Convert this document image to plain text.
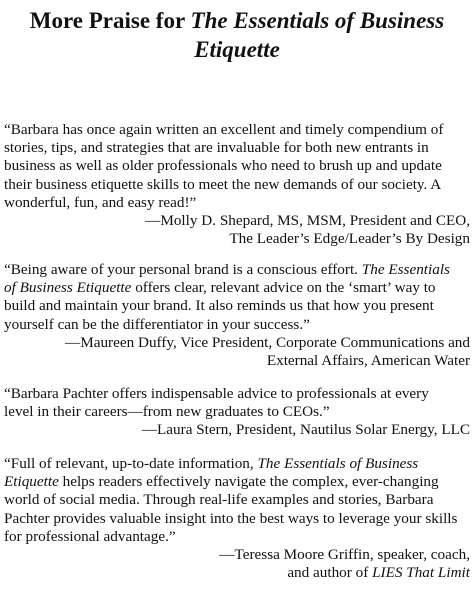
More Praise for The Essentials of Business
Etiquette
“Barbara has once again written an excellent and timely compendium of
stories, tips, and strategies that are invaluable for both new entrants in
business as well as older professionals who need to brush up and update
their business etiquette skills to meet the new demands of our society. A
wonderful, fun, and easy read!”
—Molly D. Shepard, MS, MSM, President and CEO,
The Leader’s Edge/Leader’s By Design
“Being aware of your personal brand is a conscious effort. The Essentials
of Business Etiquette offers clear, relevant advice on the ‘smart’ way to
build and maintain your brand. It also reminds us that how you present
yourself can be the differentiator in your success.”
—Maureen Duffy, Vice President, Corporate Communications and
External Affairs, American Water
“Barbara Pachter offers indispensable advice to professionals at every
level in their careers—from new graduates to CEOs.”
—Laura Stern, President, Nautilus Solar Energy, LLC
“Full of relevant, up-to-date information, The Essentials of Business
Etiquette helps readers effectively navigate the complex, ever-changing
world of social media. Through real-life examples and stories, Barbara
Pachter provides valuable insight into the best ways to leverage your skills
for professional advantage.”
—Teressa Moore Griffin, speaker, coach,
and author of LIES That Limit
